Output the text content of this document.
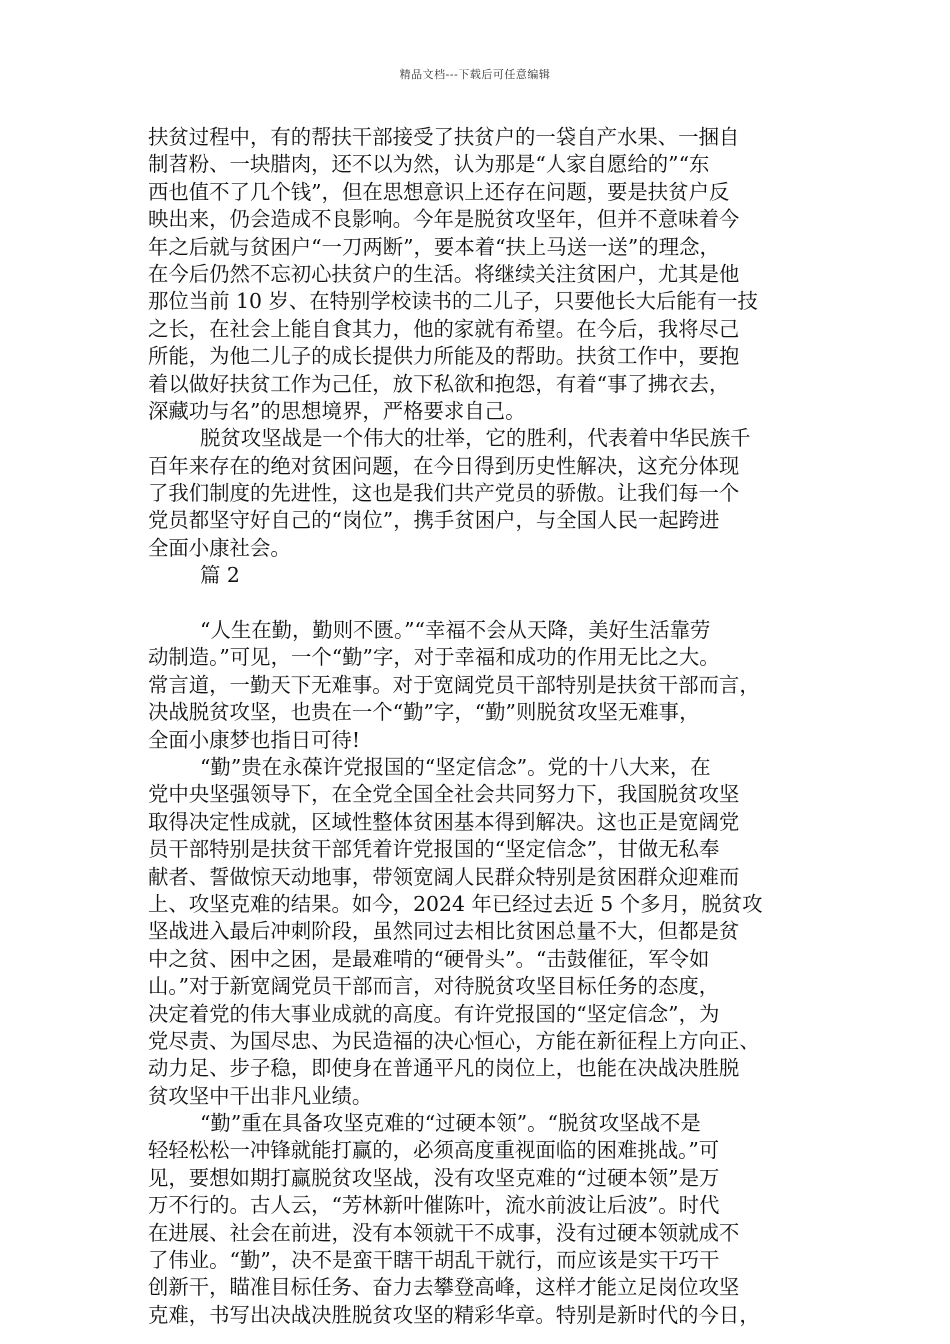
精品文档---下载后可任意编辑
扶贫过程中，有的帮扶干部接受了扶贫户的一袋自产水果、一捆自
制苕粉、一块腊肉，还不以为然，认为那是“人家自愿给的”“东
西也值不了几个钱”，但在思想意识上还存在问题，要是扶贫户反
映出来，仍会造成不良影响。今年是脱贫攻坚年，但并不意味着今
年之后就与贫困户“一刀两断”，要本着“扶上马送一送”的理念，
在今后仍然不忘初心扶贫户的生活。将继续关注贫困户，尤其是他
那位当前 10 岁、在特别学校读书的二儿子，只要他长大后能有一技
之长，在社会上能自食其力，他的家就有希望。在今后，我将尽己
所能，为他二儿子的成长提供力所能及的帮助。扶贫工作中，要抱
着以做好扶贫工作为己任，放下私欲和抱怨，有着“事了拂衣去，
深藏功与名”的思想境界，严格要求自己。
脱贫攻坚战是一个伟大的壮举，它的胜利，代表着中华民族千
百年来存在的绝对贫困问题，在今日得到历史性解决，这充分体现
了我们制度的先进性，这也是我们共产党员的骄傲。让我们每一个
党员都坚守好自己的“岗位”，携手贫困户，与全国人民一起跨进
全面小康社会。
篇 2
“人生在勤，勤则不匮。”“幸福不会从天降，美好生活靠劳
动制造。”可见，一个“勤”字，对于幸福和成功的作用无比之大。
常言道，一勤天下无难事。对于宽阔党员干部特别是扶贫干部而言，
决战脱贫攻坚，也贵在一个“勤”字，“勤”则脱贫攻坚无难事，
全面小康梦也指日可待!
“勤”贵在永葆许党报国的“坚定信念”。党的十八大来，在
党中央坚强领导下，在全党全国全社会共同努力下，我国脱贫攻坚
取得决定性成就，区域性整体贫困基本得到解决。这也正是宽阔党
员干部特别是扶贫干部凭着许党报国的“坚定信念”，甘做无私奉
献者、誓做惊天动地事，带领宽阔人民群众特别是贫困群众迎难而
上、攻坚克难的结果。如今，2024 年已经过去近 5 个多月，脱贫攻
坚战进入最后冲刺阶段，虽然同过去相比贫困总量不大，但都是贫
中之贫、困中之困，是最难啃的“硬骨头”。“击鼓催征，军令如
山。”对于新宽阔党员干部而言，对待脱贫攻坚目标任务的态度，
决定着党的伟大事业成就的高度。有许党报国的“坚定信念”，为
党尽责、为国尽忠、为民造福的决心恒心，方能在新征程上方向正、
动力足、步子稳，即使身在普通平凡的岗位上，也能在决战决胜脱
贫攻坚中干出非凡业绩。
“勤”重在具备攻坚克难的“过硬本领”。“脱贫攻坚战不是
轻轻松松一冲锋就能打赢的，必须高度重视面临的困难挑战。”可
见，要想如期打赢脱贫攻坚战，没有攻坚克难的“过硬本领”是万
万不行的。古人云，“芳林新叶催陈叶，流水前波让后波”。时代
在进展、社会在前进，没有本领就干不成事，没有过硬本领就成不
了伟业。“勤”，决不是蛮干瞎干胡乱干就行，而应该是实干巧干
创新干，瞄准目标任务、奋力去攀登高峰，这样才能立足岗位攻坚
克难，书写出决战决胜脱贫攻坚的精彩华章。特别是新时代的今日，
